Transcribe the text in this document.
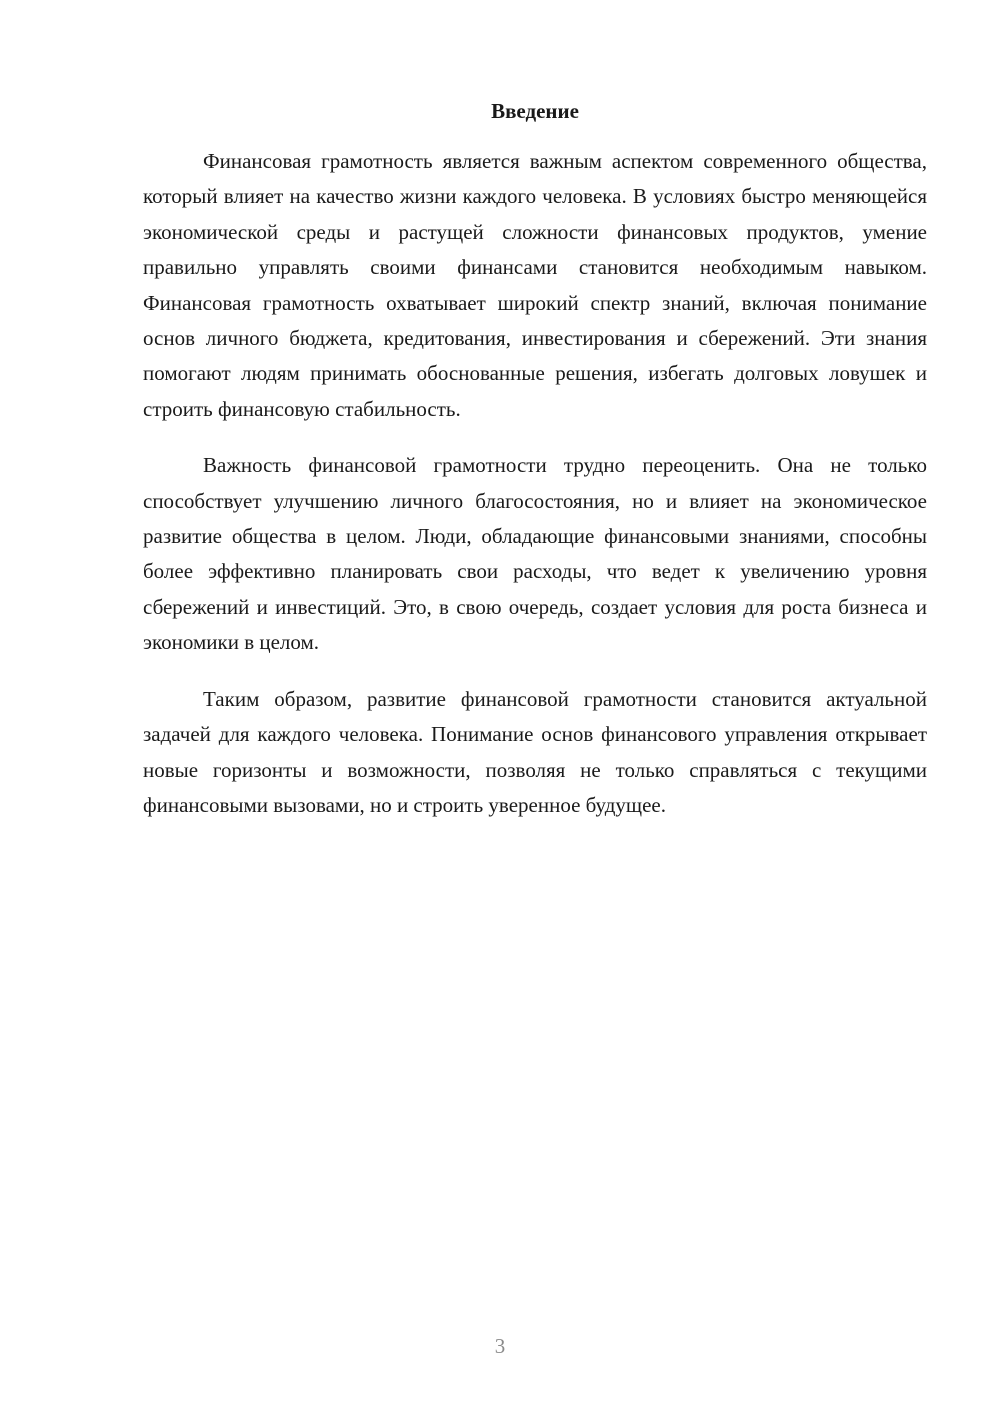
Введение

Финансовая грамотность является важным аспектом современного общества, который влияет на качество жизни каждого человека. В условиях быстро меняющейся экономической среды и растущей сложности финансовых продуктов, умение правильно управлять своими финансами становится необходимым навыком. Финансовая грамотность охватывает широкий спектр знаний, включая понимание основ личного бюджета, кредитования, инвестирования и сбережений. Эти знания помогают людям принимать обоснованные решения, избегать долговых ловушек и строить финансовую стабильность.

Важность финансовой грамотности трудно переоценить. Она не только способствует улучшению личного благосостояния, но и влияет на экономическое развитие общества в целом. Люди, обладающие финансовыми знаниями, способны более эффективно планировать свои расходы, что ведет к увеличению уровня сбережений и инвестиций. Это, в свою очередь, создает условия для роста бизнеса и экономики в целом.

Таким образом, развитие финансовой грамотности становится актуальной задачей для каждого человека. Понимание основ финансового управления открывает новые горизонты и возможности, позволяя не только справляться с текущими финансовыми вызовами, но и строить уверенное будущее.

3
